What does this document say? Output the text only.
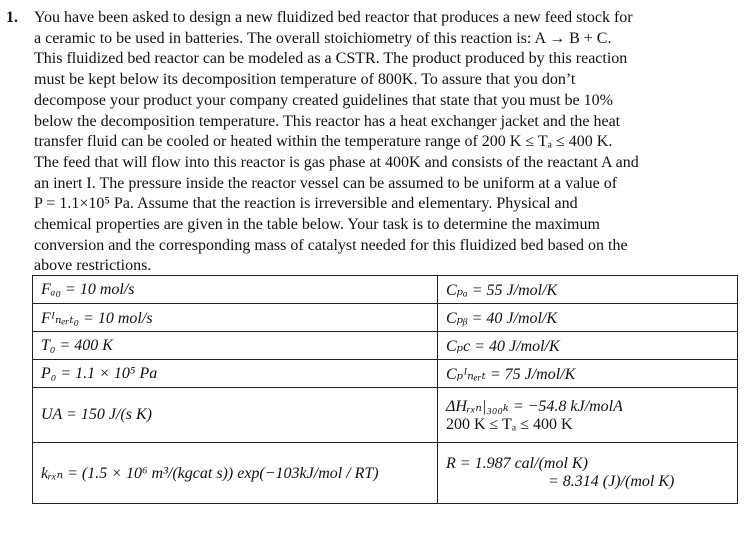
1. You have been asked to design a new fluidized bed reactor that produces a new feed stock for

a ceramic to be used in batteries. The overall stoichiometry of this reaction is: A → B + C.

This fluidized bed reactor can be modeled as a CSTR. The product produced by this reaction

must be kept below its decomposition temperature of 800K. To assure that you don’t

decompose your product your company created guidelines that state that you must be 10%

below the decomposition temperature. This reactor has a heat exchanger jacket and the heat

transfer fluid can be cooled or heated within the temperature range of 200 K ≤ Tₐ ≤ 400 K.

The feed that will flow into this reactor is gas phase at 400K and consists of the reactant A and

an inert I. The pressure inside the reactor vessel can be assumed to be uniform at a value of

P = 1.1×10⁵ Pa. Assume that the reaction is irreversible and elementary. Physical and

chemical properties are given in the table below. Your task is to determine the maximum

conversion and the corresponding mass of catalyst needed for this fluidized bed based on the

above restrictions.

Fₐ₀ = 10 mol/s	Cₚₐ = 55 J/mol/K
Fᴵₙₑᵣₜ₀ = 10 mol/s	Cₚᵦ = 40 J/mol/K
T₀ = 400 K	Cₚc = 40 J/mol/K
P₀ = 1.1 × 10⁵ Pa	Cₚᴵₙₑᵣₜ = 75 J/mol/K
UA = 150 J/(s K)	ΔHᵣₓₙ|₃₀₀ₖ = −54.8 kJ/molA
200 K ≤ Tₐ ≤ 400 K

kᵣₓₙ = (1.5 × 10⁶ m³/(kgcat s)) exp(−103kJ/mol / RT)	R = 1.987 cal/(mol K)
= 8.314 (J)/(mol K)
